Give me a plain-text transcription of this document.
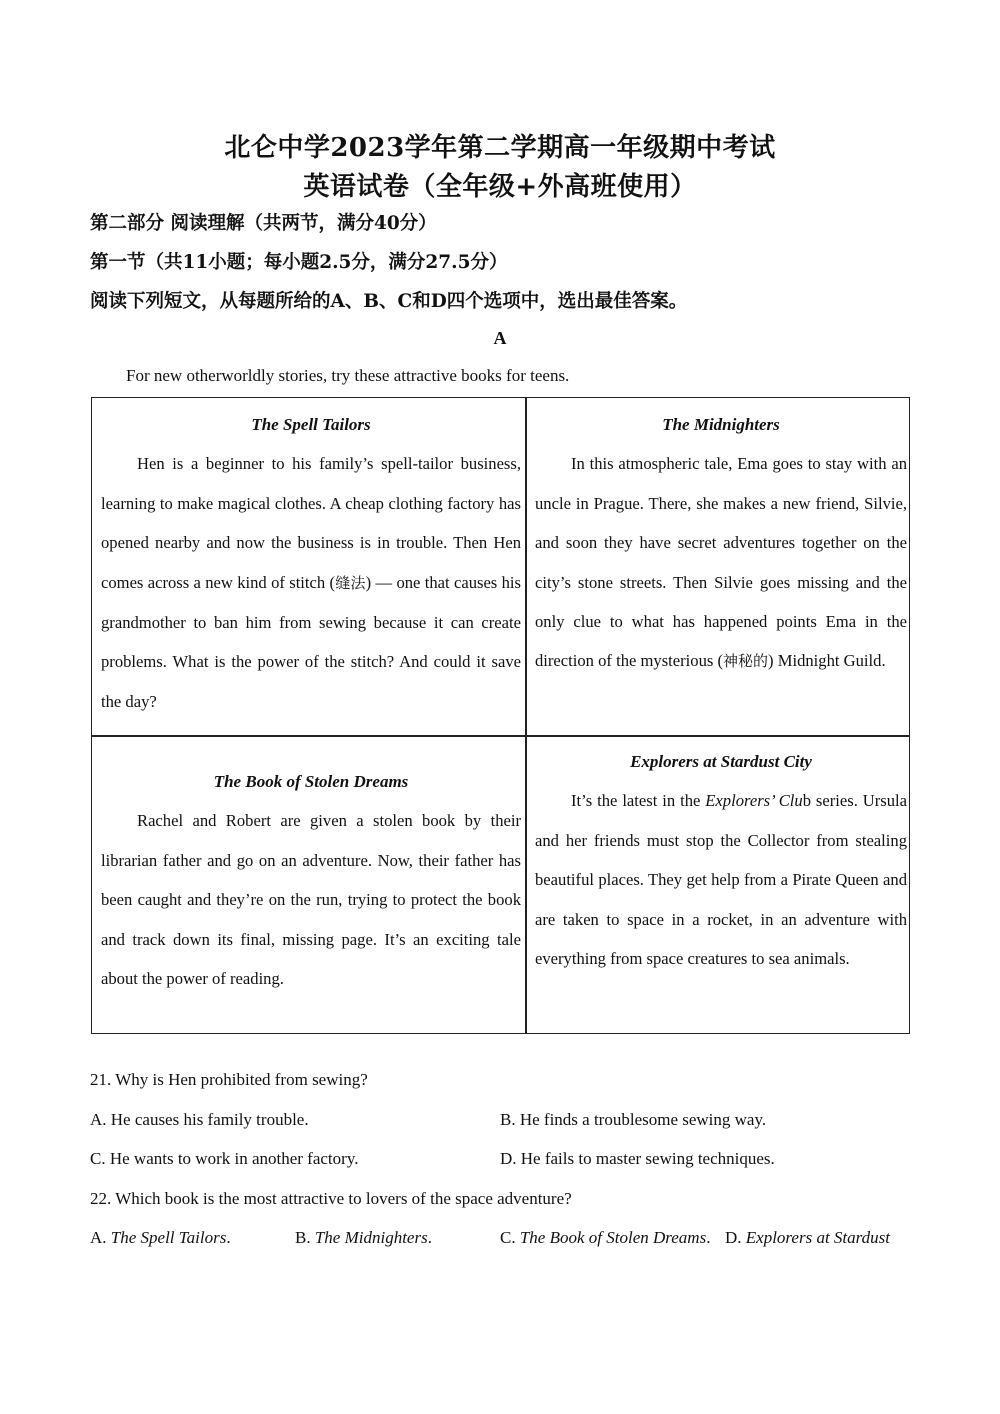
北仑中学2023学年第二学期高一年级期中考试
英语试卷（全年级+外高班使用）
第二部分 阅读理解（共两节，满分40分）
第一节（共11小题；每小题2.5分，满分27.5分）
阅读下列短文，从每题所给的A、B、C和D四个选项中，选出最佳答案。
A
For new otherworldly stories, try these attractive books for teens.
The Spell Tailors

Hen is a beginner to his family’s spell-tailor business, learning to make magical clothes. A cheap clothing factory has opened nearby and now the business is in trouble. Then Hen comes across a new kind of stitch (缝法) — one that causes his grandmother to ban him from sewing because it can create problems. What is the power of the stitch? And could it save the day?

The Midnighters

In this atmospheric tale, Ema goes to stay with an uncle in Prague. There, she makes a new friend, Silvie, and soon they have secret adventures together on the city’s stone streets. Then Silvie goes missing and the only clue to what has happened points Ema in the direction of the mysterious (神秘的) Midnight Guild.

The Book of Stolen Dreams

Rachel and Robert are given a stolen book by their librarian father and go on an adventure. Now, their father has been caught and they’re on the run, trying to protect the book and track down its final, missing page. It’s an exciting tale about the power of reading.

Explorers at Stardust City

It’s the latest in the Explorers’ Club series. Ursula and her friends must stop the Collector from stealing beautiful places. They get help from a Pirate Queen and are taken to space in a rocket, in an adventure with everything from space creatures to sea animals.

21. Why is Hen prohibited from sewing?
A. He causes his family trouble.	B. He finds a troublesome sewing way.
C. He wants to work in another factory.	D. He fails to master sewing techniques.
22. Which book is the most attractive to lovers of the space adventure?
A. The Spell Tailors.	B. The Midnighters.	C. The Book of Stolen Dreams. D. Explorers at Stardust
